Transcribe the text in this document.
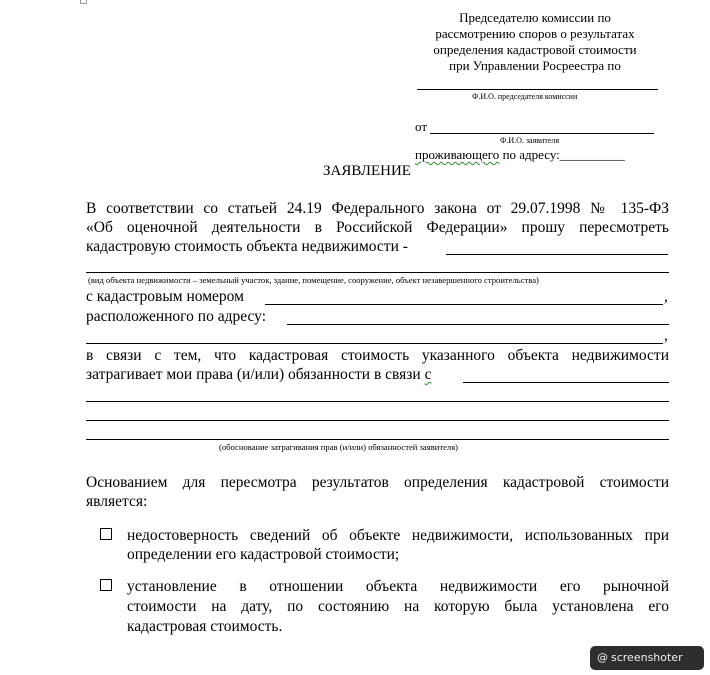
Председателю комиссии по
рассмотрению споров о результатах
определения кадастровой стоимости
при Управлении Росреестра по
Ф.И.О. председателя комиссии
от
Ф.И.О. заявителя
проживающего по адресу:__________
ЗАЯВЛЕНИЕ
В соответствии со статьей 24.19 Федерального закона от 29.07.1998 № 135-ФЗ
«Об оценочной деятельности в Российской Федерации» прошу пересмотреть
кадастровую стоимость объекта недвижимости -
(вид объекта недвижимости – земельный участок, здание, помещение, сооружение, объект незавершенного строительства)
с кадастровым номером	,
расположенного по адресу:
,
в связи с тем, что кадастровая стоимость указанного объекта недвижимости
затрагивает мои права (и/или) обязанности в связи с
(обоснование затрагивания прав (и/или) обязанностей заявителя)
Основанием для пересмотра результатов определения кадастровой стоимости
является:
недостоверность сведений об объекте недвижимости, использованных при
определении его кадастровой стоимости;
установление в отношении объекта недвижимости его рыночной
стоимости на дату, по состоянию на которую была установлена его
кадастровая стоимость.
@ screenshoter
